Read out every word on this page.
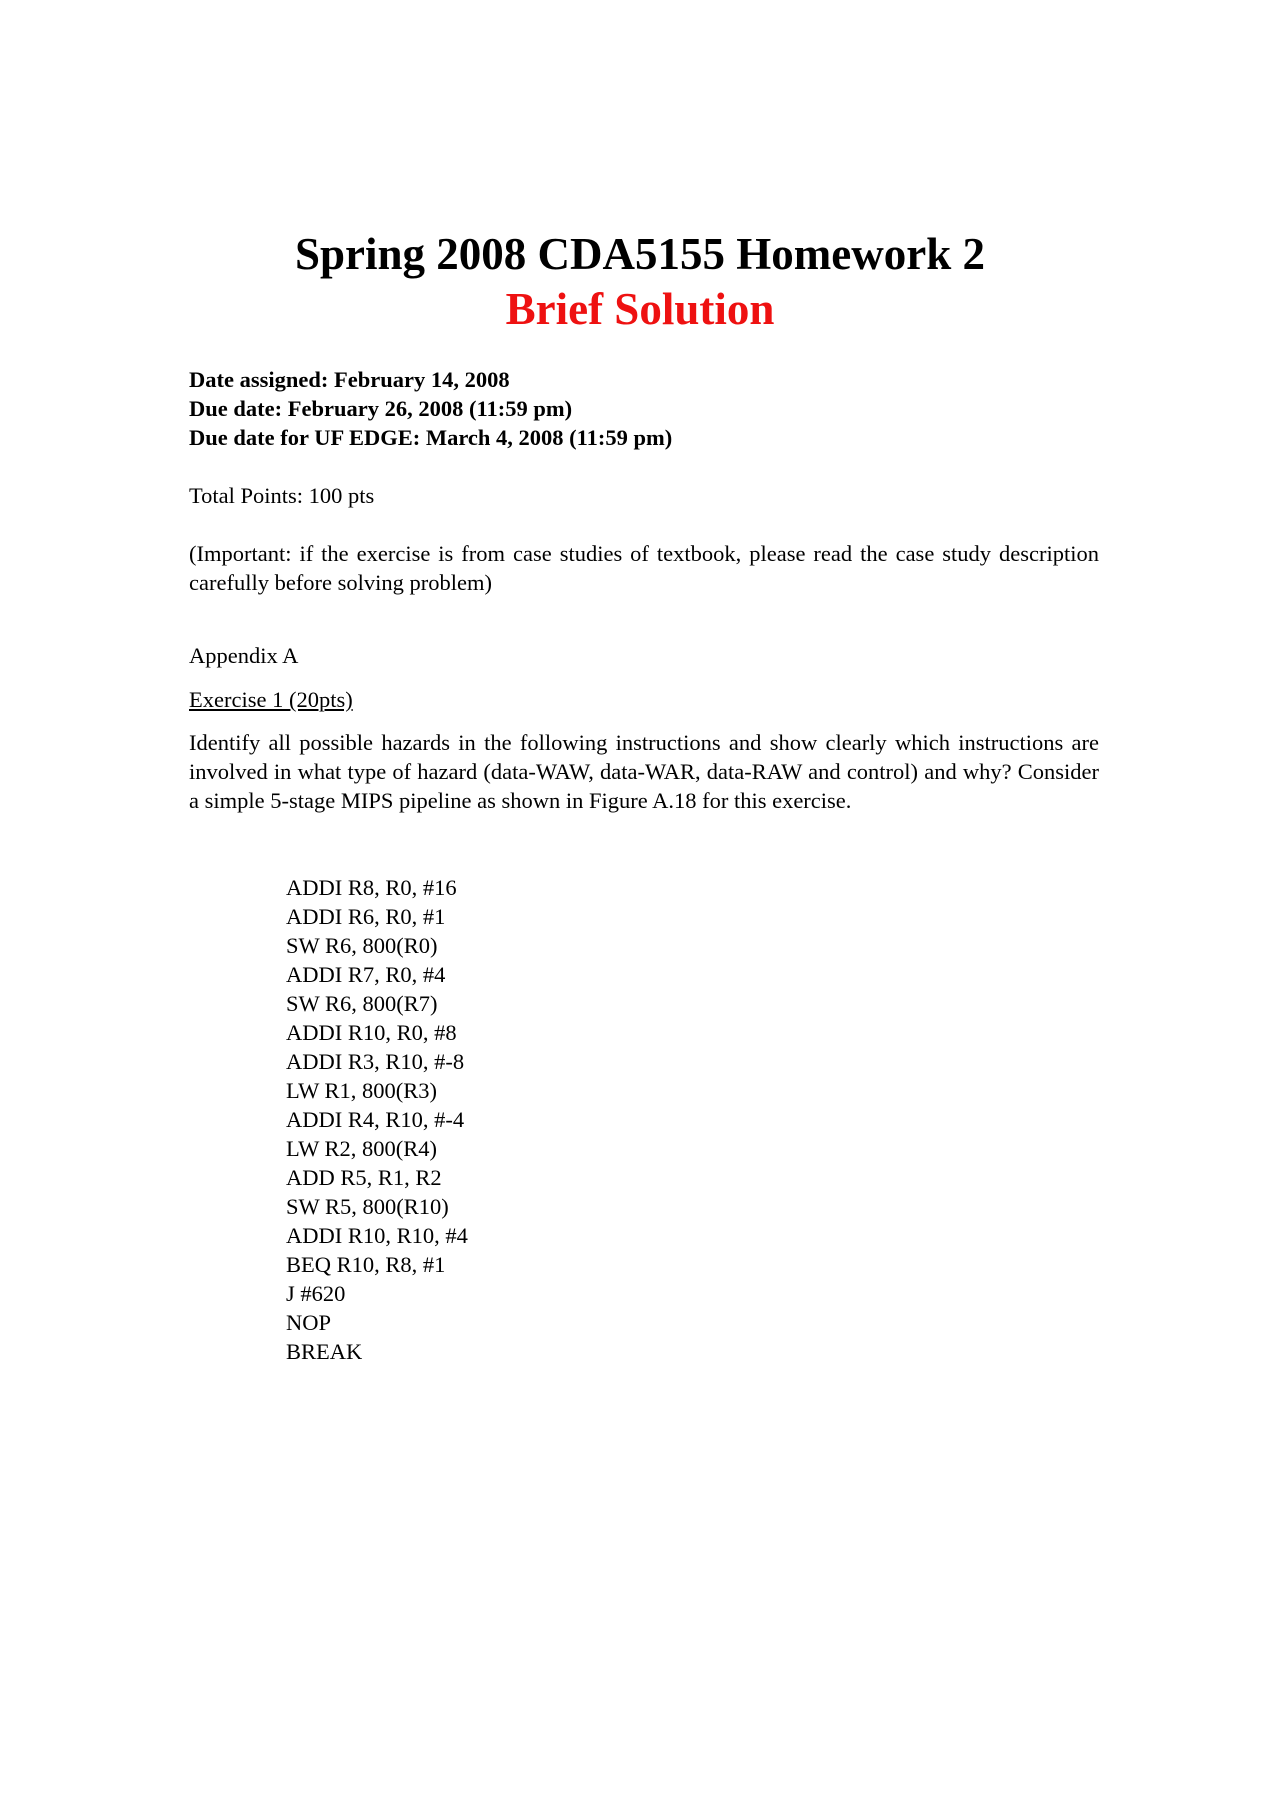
Spring 2008 CDA5155 Homework 2
Brief Solution
Date assigned: February 14, 2008
Due date: February 26, 2008 (11:59 pm)
Due date for UF EDGE: March 4, 2008 (11:59 pm)
Total Points: 100 pts
(Important: if the exercise is from case studies of textbook, please read the case study description carefully before solving problem)
Appendix A
Exercise 1 (20pts)
Identify all possible hazards in the following instructions and show clearly which instructions are involved in what type of hazard (data-WAW, data-WAR, data-RAW and control) and why? Consider a simple 5-stage MIPS pipeline as shown in Figure A.18 for this exercise.
ADDI R8, R0, #16
ADDI R6, R0, #1
SW R6, 800(R0)
ADDI R7, R0, #4
SW R6, 800(R7)
ADDI R10, R0, #8
ADDI R3, R10, #-8
LW R1, 800(R3)
ADDI R4, R10, #-4
LW R2, 800(R4)
ADD R5, R1, R2
SW R5, 800(R10)
ADDI R10, R10, #4
BEQ R10, R8, #1
J #620
NOP
BREAK
